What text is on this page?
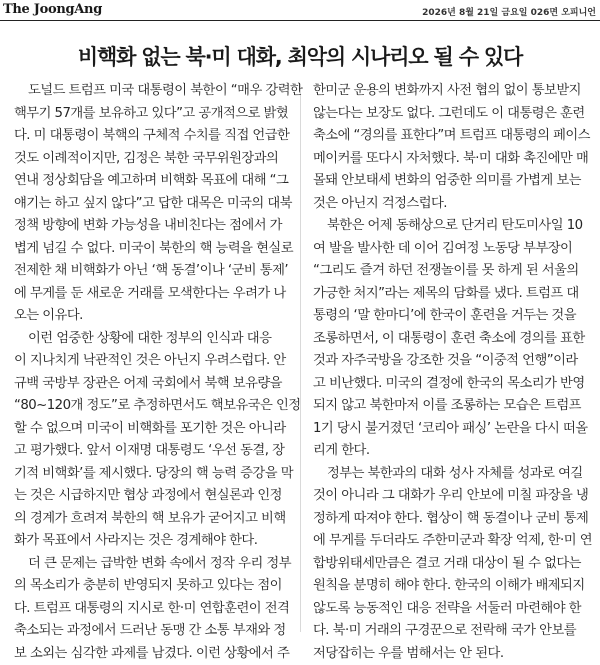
The JoongAng	2026년 8월 21일 금요일 026면 오피니언
비핵화 없는 북·미 대화, 최악의 시나리오 될 수 있다
도널드 트럼프 미국 대통령이 북한이 “매우 강력한
핵무기 57개를 보유하고 있다”고 공개적으로 밝혔
다. 미 대통령이 북핵의 구체적 수치를 직접 언급한
것도 이례적이지만, 김정은 북한 국무위원장과의
연내 정상회담을 예고하며 비핵화 목표에 대해 “그
얘기는 하고 싶지 않다”고 답한 대목은 미국의 대북
정책 방향에 변화 가능성을 내비친다는 점에서 가
볍게 넘길 수 없다. 미국이 북한의 핵 능력을 현실로
전제한 채 비핵화가 아닌 ‘핵 동결’이나 ‘군비 통제’
에 무게를 둔 새로운 거래를 모색한다는 우려가 나
오는 이유다.
이런 엄중한 상황에 대한 정부의 인식과 대응
이 지나치게 낙관적인 것은 아닌지 우려스럽다. 안
규백 국방부 장관은 어제 국회에서 북핵 보유량을
“80~120개 정도”로 추정하면서도 핵보유국은 인정
할 수 없으며 미국이 비핵화를 포기한 것은 아니라
고 평가했다. 앞서 이재명 대통령도 ‘우선 동결, 장
기적 비핵화’를 제시했다. 당장의 핵 능력 증강을 막
는 것은 시급하지만 협상 과정에서 현실론과 인정
의 경계가 흐려져 북한의 핵 보유가 굳어지고 비핵
화가 목표에서 사라지는 것은 경계해야 한다.
더 큰 문제는 급박한 변화 속에서 정작 우리 정부
의 목소리가 충분히 반영되지 못하고 있다는 점이
다. 트럼프 대통령의 지시로 한·미 연합훈련이 전격
축소되는 과정에서 드러난 동맹 간 소통 부재와 정
보 소외는 심각한 과제를 남겼다. 이런 상황에서 주
한미군 운용의 변화까지 사전 협의 없이 통보받지
않는다는 보장도 없다. 그런데도 이 대통령은 훈련
축소에 “경의를 표한다”며 트럼프 대통령의 페이스
메이커를 또다시 자처했다. 북·미 대화 촉진에만 매
몰돼 안보태세 변화의 엄중한 의미를 가볍게 보는
것은 아닌지 걱정스럽다.
북한은 어제 동해상으로 단거리 탄도미사일 10
여 발을 발사한 데 이어 김여정 노동당 부부장이
“그리도 즐겨 하던 전쟁놀이를 못 하게 된 서울의
가긍한 처지”라는 제목의 담화를 냈다. 트럼프 대
통령의 ‘말 한마디’에 한국이 훈련을 거두는 것을
조롱하면서, 이 대통령이 훈련 축소에 경의를 표한
것과 자주국방을 강조한 것을 “이중적 언행”이라
고 비난했다. 미국의 결정에 한국의 목소리가 반영
되지 않고 북한마저 이를 조롱하는 모습은 트럼프
1기 당시 불거졌던 ‘코리아 패싱’ 논란을 다시 떠올
리게 한다.
정부는 북한과의 대화 성사 자체를 성과로 여길
것이 아니라 그 대화가 우리 안보에 미칠 파장을 냉
정하게 따져야 한다. 협상이 핵 동결이나 군비 통제
에 무게를 두더라도 주한미군과 확장 억제, 한·미 연
합방위태세만큼은 결코 거래 대상이 될 수 없다는
원칙을 분명히 해야 한다. 한국의 이해가 배제되지
않도록 능동적인 대응 전략을 서둘러 마련해야 한
다. 북·미 거래의 구경꾼으로 전락해 국가 안보를
저당잡히는 우를 범해서는 안 된다.
